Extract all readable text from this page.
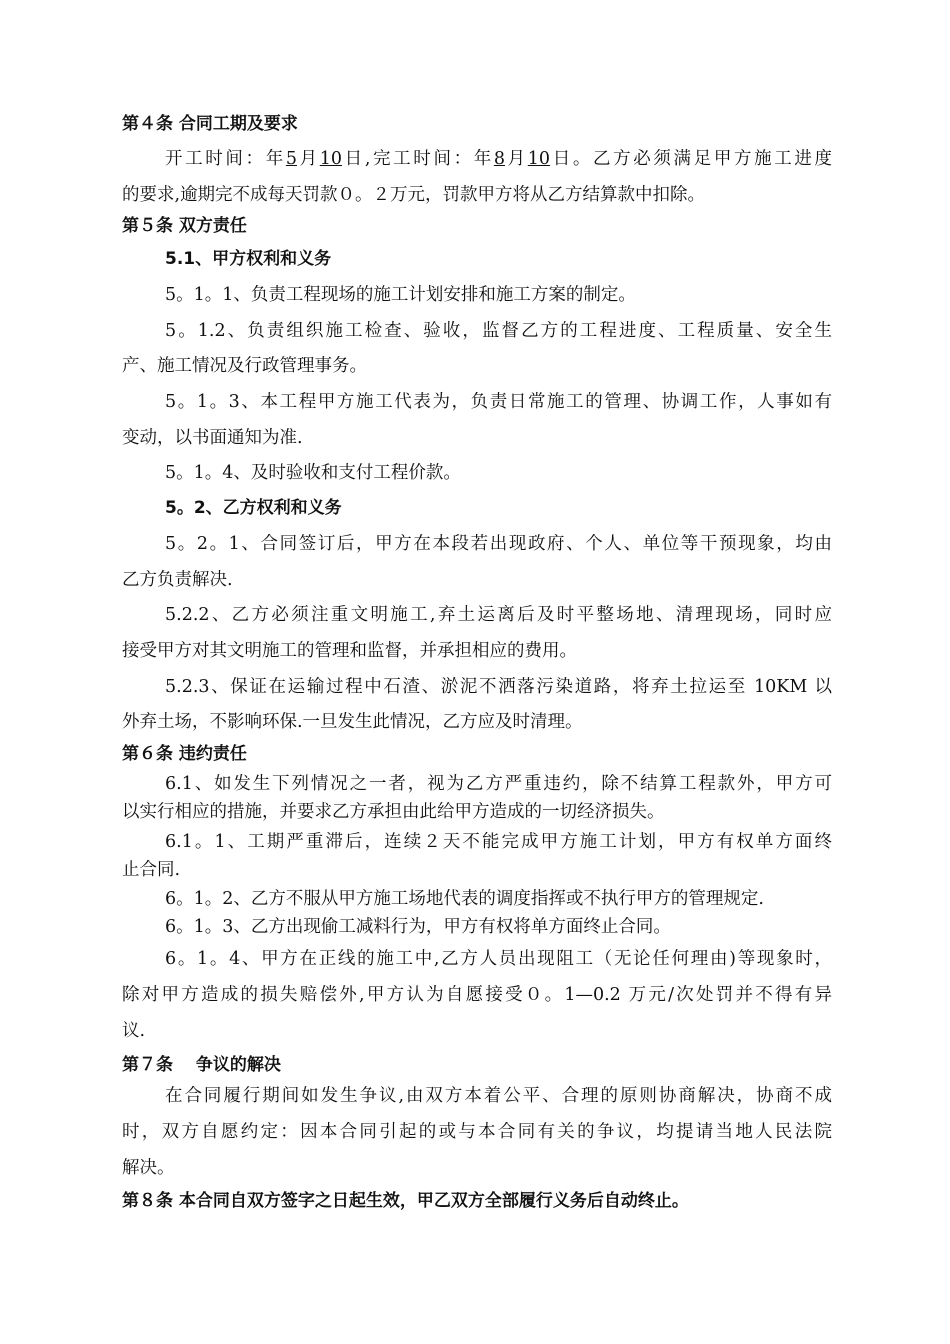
第４条 合同工期及要求
开工时间：年5月10日,完工时间：年8月10日。乙方必须满足甲方施工进度
的要求,逾期完不成每天罚款０。２万元，罚款甲方将从乙方结算款中扣除。
第５条 双方责任
5.1、甲方权利和义务
5。1。1、负责工程现场的施工计划安排和施工方案的制定。
5。1.2、负责组织施工检查、验收，监督乙方的工程进度、工程质量、安全生
产、施工情况及行政管理事务。
5。1。3、本工程甲方施工代表为，负责日常施工的管理、协调工作，人事如有
变动，以书面通知为准.
5。1。4、及时验收和支付工程价款。
5。2、乙方权利和义务
5。2。1、合同签订后，甲方在本段若出现政府、个人、单位等干预现象，均由
乙方负责解决.
5.2.2、乙方必须注重文明施工,弃土运离后及时平整场地、清理现场，同时应
接受甲方对其文明施工的管理和监督，并承担相应的费用。
5.2.3、保证在运输过程中石渣、淤泥不洒落污染道路，将弃土拉运至 10KM 以
外弃土场，不影响环保.一旦发生此情况，乙方应及时清理。
第６条 违约责任
6.1、如发生下列情况之一者，视为乙方严重违约，除不结算工程款外，甲方可
以实行相应的措施，并要求乙方承担由此给甲方造成的一切经济损失。
6.1。1、工期严重滞后，连续２天不能完成甲方施工计划，甲方有权单方面终
止合同.
6。1。2、乙方不服从甲方施工场地代表的调度指挥或不执行甲方的管理规定.
6。1。3、乙方出现偷工减料行为，甲方有权将单方面终止合同。
6。1。4、甲方在正线的施工中,乙方人员出现阻工（无论任何理由)等现象时，
除对甲方造成的损失赔偿外,甲方认为自愿接受０。1—0.2 万元/次处罚并不得有异
议.
第７条　 争议的解决
在合同履行期间如发生争议,由双方本着公平、合理的原则协商解决，协商不成
时，双方自愿约定：因本合同引起的或与本合同有关的争议，均提请当地人民法院
解决。
第８条 本合同自双方签字之日起生效，甲乙双方全部履行义务后自动终止。
